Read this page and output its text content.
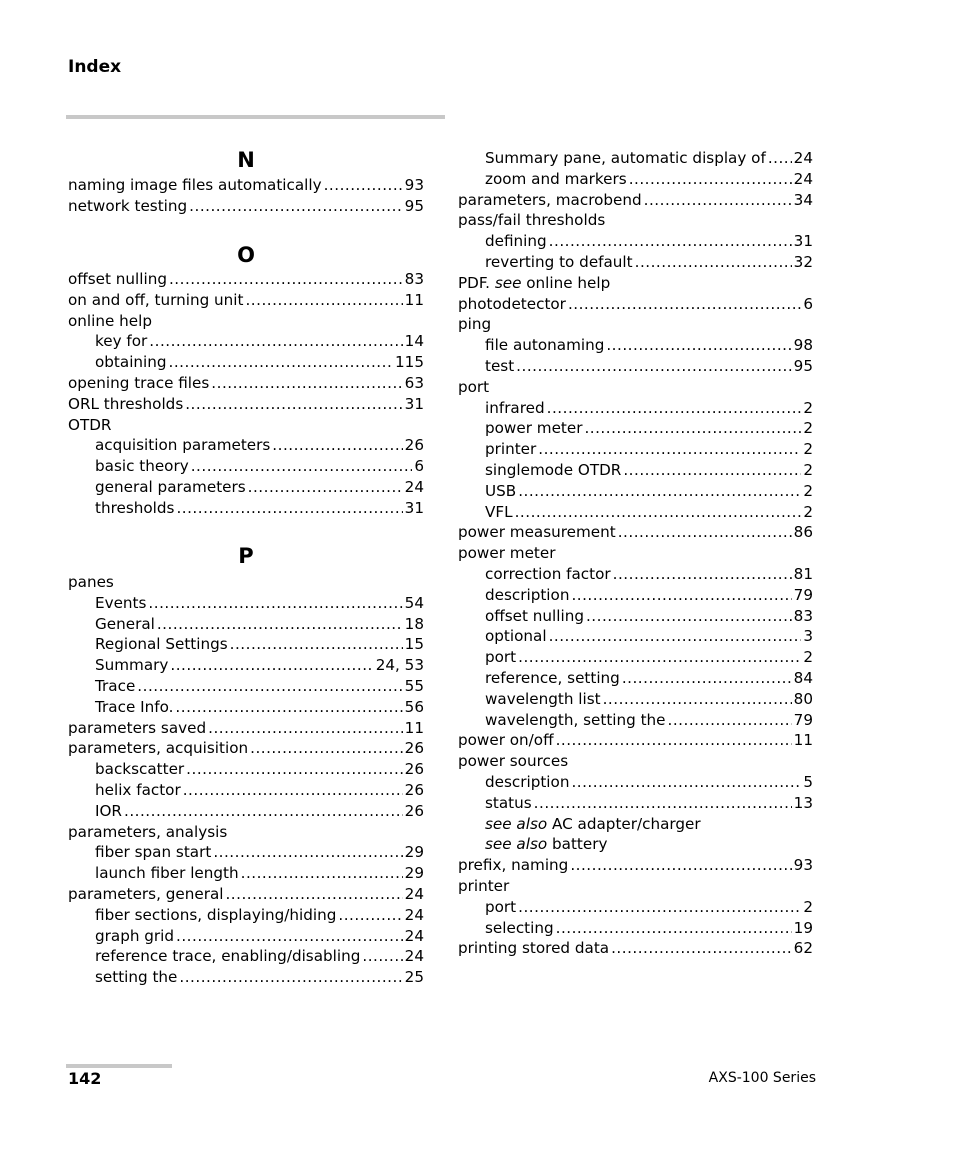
Index
N
naming image files automatically .....	93
network testing .....	95
O
offset nulling .....	83
on and off, turning unit .....	11
online help
key for .....	14
obtaining .....	115
opening trace files .....	63
ORL thresholds .....	31
OTDR
acquisition parameters .....	26
basic theory .....	6
general parameters .....	24
thresholds .....	31
P
panes
Events .....	54
General .....	18
Regional Settings .....	15
Summary .....	24, 53
Trace .....	55
Trace Info. .....	56
parameters saved .....	11
parameters, acquisition .....	26
backscatter .....	26
helix factor .....	26
IOR .....	26
parameters, analysis
fiber span start .....	29
launch fiber length .....	29
parameters, general .....	24
fiber sections, displaying/hiding .....	24
graph grid .....	24
reference trace, enabling/disabling .....	24
setting the .....	25
Summary pane, automatic display of ..... 24
zoom and markers .....	24
parameters, macrobend .....	34
pass/fail thresholds
defining .....	31
reverting to default .....	32
PDF. see online help
photodetector .....	6
ping
file autonaming .....	98
test .....	95
port
infrared .....	2
power meter .....	2
printer .....	2
singlemode OTDR .....	2
USB .....	2
VFL .....	2
power measurement .....	86
power meter
correction factor .....	81
description .....	79
offset nulling .....	83
optional .....	3
port .....	2
reference, setting .....	84
wavelength list .....	80
wavelength, setting the .....	79
power on/off .....	11
power sources
description .....	5
status .....	13
see also AC adapter/charger
see also battery
prefix, naming .....	93
printer
port .....	2
selecting .....	19
printing stored data .....	62
142	AXS-100 Series
